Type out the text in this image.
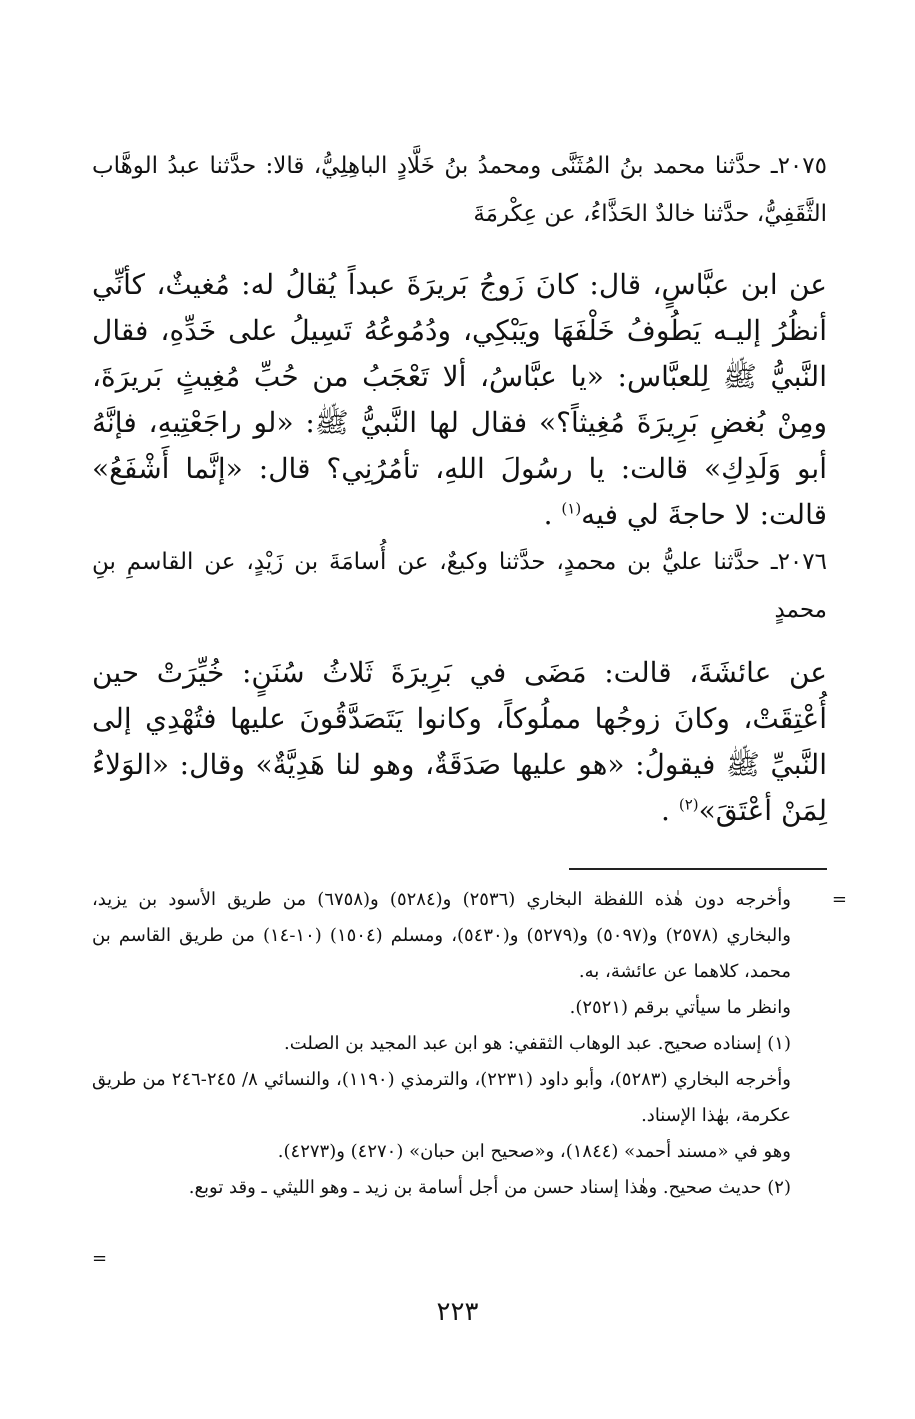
٢٠٧٥ـ حدَّثنا محمد بنُ المُثَنَّى ومحمدُ بنُ خَلَّادٍ الباهِلِيُّ، قالا: حدَّثنا عبدُ الوهَّاب الثَّقَفِيُّ، حدَّثنا خالدٌ الحَذَّاءُ، عن عِكْرمَةَ
عن ابن عبَّاسٍ، قال: كانَ زَوجُ بَريرَةَ عبداً يُقالُ له: مُغيثٌ، كأنِّي أنظُرُ إليـه يَطُوفُ خَلْفَهَا ويَبْكِي، ودُمُوعُهُ تَسِيلُ على خَدِّهِ، فقال النَّبيُّ ﷺ لِلعبَّاس: «يا عبَّاسُ، ألا تَعْجَبُ من حُبِّ مُغِيثٍ بَريرَةَ، ومِنْ بُغضِ بَرِيرَةَ مُغِيثاً؟» فقال لها النَّبيُّ ﷺ: «لو راجَعْتِيهِ، فإنَّهُ أبو وَلَدِكِ» قالت: يا رسُولَ اللهِ، تأمُرُنِي؟ قال: «إنَّما أَشْفَعُ» قالت: لا حاجةَ لي فيه$^{(١)}$ .
٢٠٧٦ـ حدَّثنا عليُّ بن محمدٍ، حدَّثنا وكيعٌ، عن أُسامَةَ بن زَيْدٍ، عن القاسمِ بنِ محمدٍ
عن عائشَةَ، قالت: مَضَى في بَرِيرَةَ ثَلاثُ سُنَنٍ: خُيِّرَتْ حين أُعْتِقَتْ، وكانَ زوجُها مملُوكاً، وكانوا يَتَصَدَّقُونَ عليها فتُهْدِي إلى النَّبيِّ ﷺ فيقولُ: «هو عليها صَدَقَةٌ، وهو لنا هَدِيَّةٌ» وقال: «الوَلاءُ لِمَنْ أعْتَقَ»$^{(٢)}$ .
=
وأخرجه دون هٰذه اللفظة البخاري (٢٥٣٦) و(٥٢٨٤) و(٦٧٥٨) من طريق الأسود بن يزيد، والبخاري (٢٥٧٨) و(٥٠٩٧) و(٥٢٧٩) و(٥٤٣٠)، ومسلم (١٥٠٤) (١٠-١٤) من طريق القاسم بن محمد، كلاهما عن عائشة، به.
وانظر ما سيأتي برقم (٢٥٢١).
(١) إسناده صحيح. عبد الوهاب الثقفي: هو ابن عبد المجيد بن الصلت.
وأخرجه البخاري (٥٢٨٣)، وأبو داود (٢٢٣١)، والترمذي (١١٩٠)، والنسائي ٨/ ٢٤٥-٢٤٦ من طريق عكرمة، بهٰذا الإسناد.
وهو في «مسند أحمد» (١٨٤٤)، و«صحيح ابن حبان» (٤٢٧٠) و(٤٢٧٣).
(٢) حديث صحيح. وهٰذا إسناد حسن من أجل أسامة بن زيد ـ وهو الليثي ـ وقد توبع.
=
٢٢٣
